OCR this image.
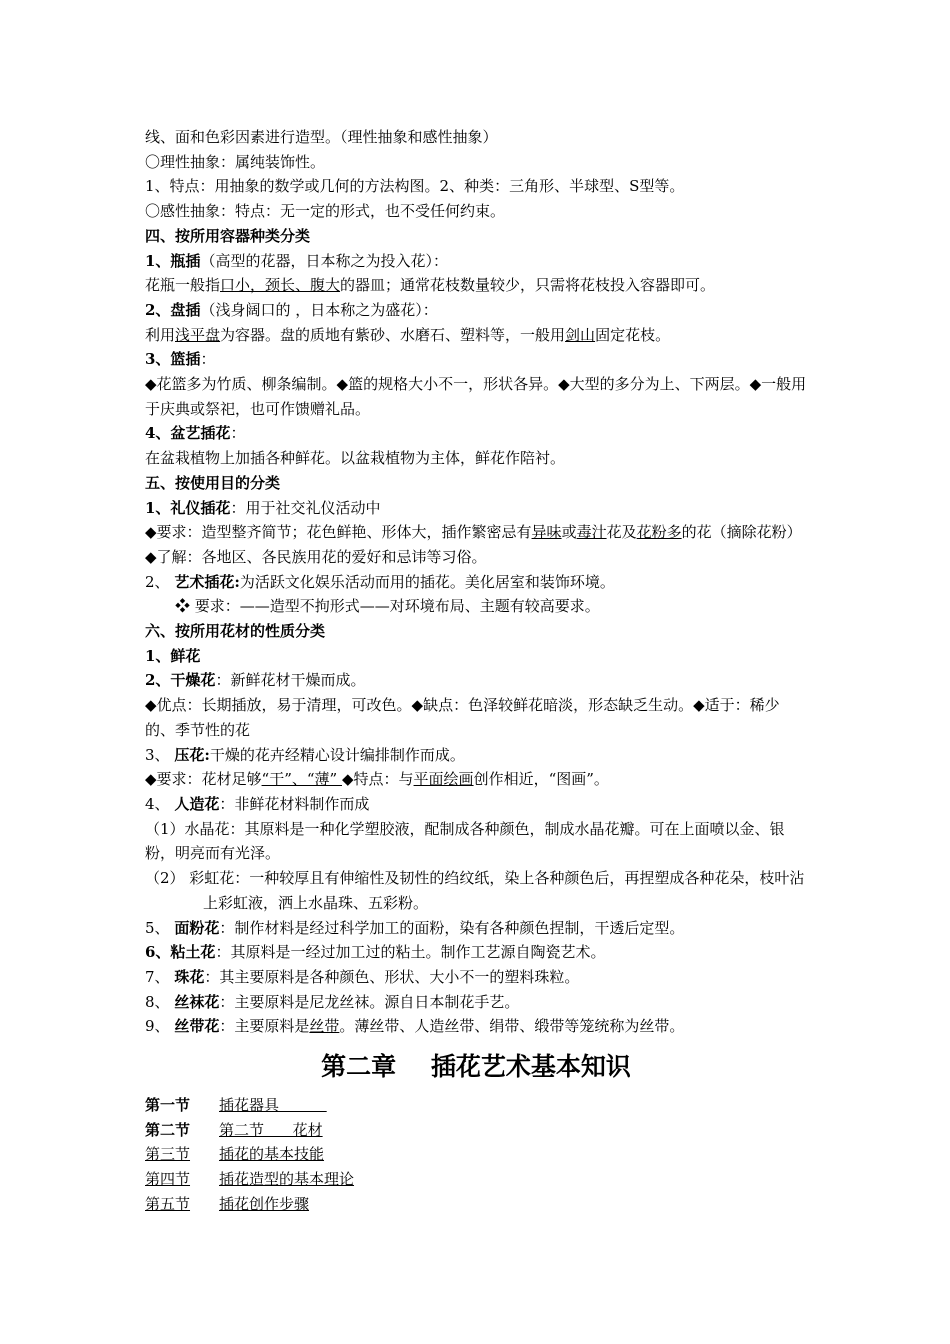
线、面和色彩因素进行造型。（理性抽象和感性抽象）
〇理性抽象：属纯装饰性。
1、特点：用抽象的数学或几何的方法构图。2、种类：三角形、半球型、S型等。
〇感性抽象：特点：无一定的形式，也不受任何约束。
四、按所用容器种类分类
1、瓶插（高型的花器，日本称之为投入花）：
花瓶一般指口小，颈长、腹大的器皿；通常花枝数量较少，只需将花枝投入容器即可。
2、盘插（浅身阔口的 ，日本称之为盛花）：
利用浅平盘为容器。盘的质地有紫砂、水磨石、塑料等，一般用剑山固定花枝。
3、篮插：
◆花篮多为竹质、柳条编制。◆篮的规格大小不一，形状各异。◆大型的多分为上、下两层。◆一般用于庆典或祭祀，也可作馈赠礼品。
4、盆艺插花：
在盆栽植物上加插各种鲜花。以盆栽植物为主体，鲜花作陪衬。
五、按使用目的分类
1、礼仪插花：用于社交礼仪活动中
◆要求：造型整齐简节；花色鲜艳、形体大，插作繁密忌有异味或毒汁花及花粉多的花（摘除花粉）◆了解：各地区、各民族用花的爱好和忌讳等习俗。
2、 艺术插花:为活跃文化娱乐活动而用的插花。美化居室和装饰环境。
❖ 要求：——造型不拘形式——对环境布局、主题有较高要求。
六、按所用花材的性质分类
1、鲜花
2、干燥花：新鲜花材干燥而成。
◆优点：长期插放，易于清理，可改色。◆缺点：色泽较鲜花暗淡，形态缺乏生动。◆适于：稀少的、季节性的花
3、 压花:干燥的花卉经精心设计编排制作而成。
◆要求：花材足够“干”、“薄” ◆特点：与平面绘画创作相近，“图画”。
4、 人造花：非鲜花材料制作而成
（1）水晶花：其原料是一种化学塑胶液，配制成各种颜色，制成水晶花瓣。可在上面喷以金、银粉，明亮而有光泽。
（2） 彩虹花：一种较厚且有伸缩性及韧性的绉纹纸，染上各种颜色后，再捏塑成各种花朵，枝叶沾上彩虹液，洒上水晶珠、五彩粉。
5、 面粉花：制作材料是经过科学加工的面粉，染有各种颜色捏制，干透后定型。
6、粘土花：其原料是一经过加工过的粘土。制作工艺源自陶瓷艺术。
7、 珠花：其主要原料是各种颜色、形状、大小不一的塑料珠粒。
8、 丝袜花：主要原料是尼龙丝袜。源自日本制花手艺。
9、 丝带花：主要原料是丝带。薄丝带、人造丝带、绢带、缎带等笼统称为丝带。
第二章    插花艺术基本知识
第一节	插花器具
第二节	第二节      花材
第三节	插花的基本技能
第四节	插花造型的基本理论
第五节	插花创作步骤
